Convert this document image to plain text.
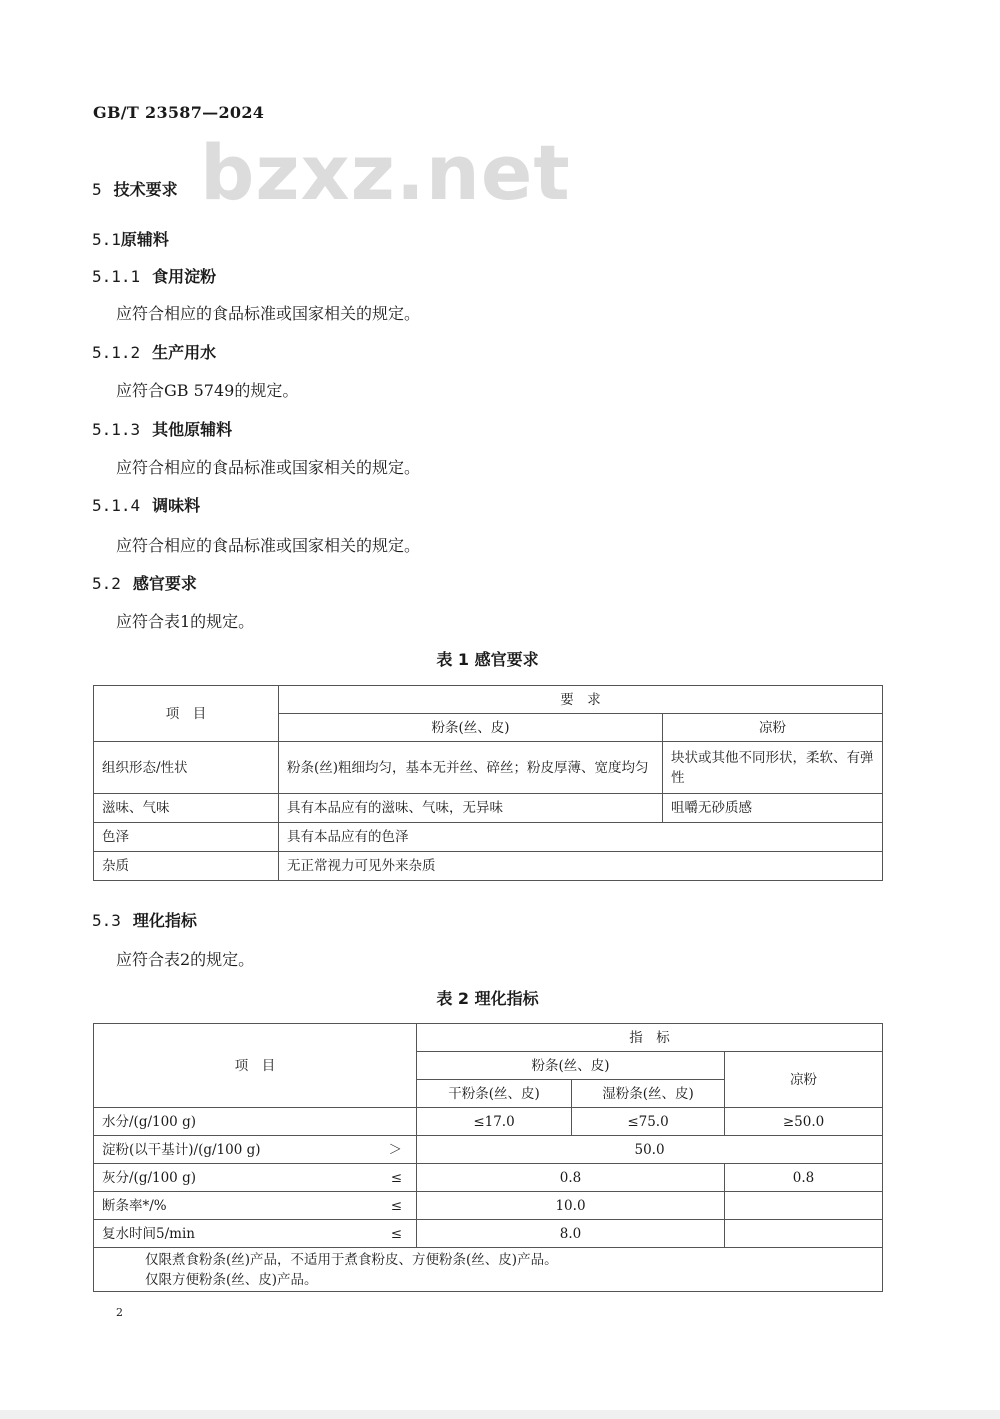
GB/T 23587—2024
bzxz.net
5 技术要求
5.1原辅料
5.1.1 食用淀粉
应符合相应的食品标准或国家相关的规定。
5.1.2 生产用水
应符合GB 5749的规定。
5.1.3 其他原辅料
应符合相应的食品标准或国家相关的规定。
5.1.4 调味料
应符合相应的食品标准或国家相关的规定。
5.2 感官要求
应符合表1的规定。
表 1 感官要求
项　目	要　求	
	粉条(丝、皮)	凉粉
组织形态/性状	粉条(丝)粗细均匀，基本无并丝、碎丝；粉皮厚薄、宽度均匀	块状或其他不同形状，柔软、有弹性
滋味、气味	具有本品应有的滋味、气味，无异味	咀嚼无砂质感
色泽	具有本品应有的色泽	
杂质	无正常视力可见外来杂质	
5.3 理化指标
应符合表2的规定。
表 2 理化指标
项　目	指　标		
	粉条(丝、皮)		凉粉
	干粉条(丝、皮)	湿粉条(丝、皮)	
水分/(g/100 g)	≤17.0	≤75.0	≥50.0
淀粉(以干基计)/(g/100 g) ＞	50.0		
灰分/(g/100 g) ≤	0.8		0.8
断条率*/% ≤	10.0		
复水时间5/min ≤	8.0		

仅限煮食粉条(丝)产品，不适用于煮食粉皮、方便粉条(丝、皮)产品。
仅限方便粉条(丝、皮)产品。			
2
